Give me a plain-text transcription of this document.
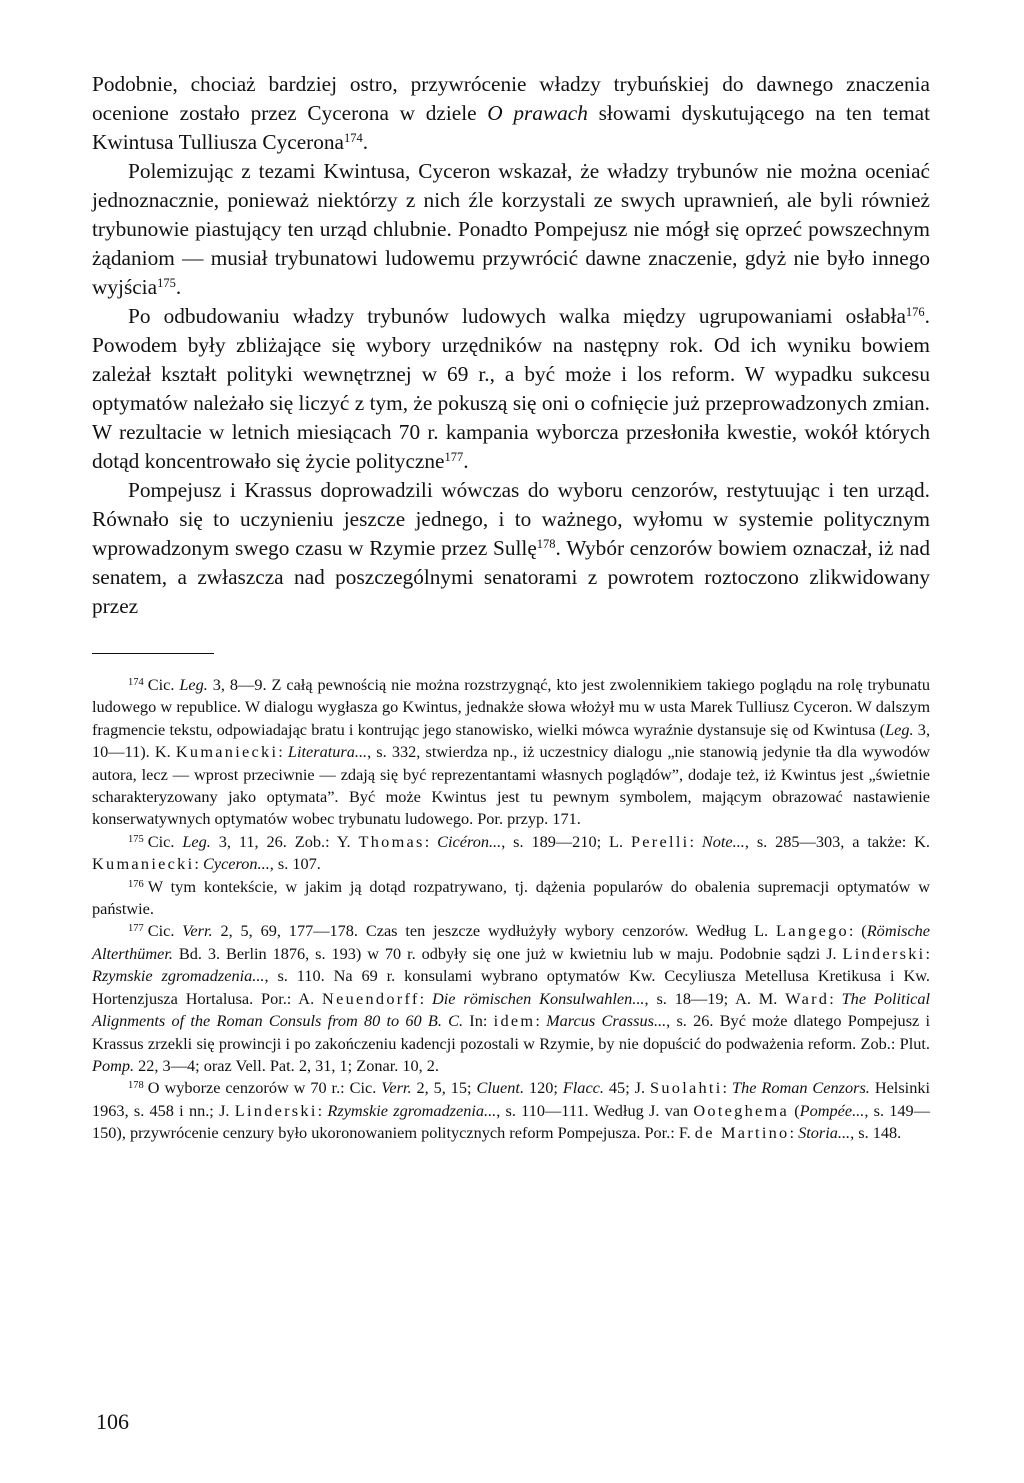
Podobnie, chociaż bardziej ostro, przywrócenie władzy trybuńskiej do dawnego znaczenia ocenione zostało przez Cycerona w dziele O prawach słowami dyskutującego na ten temat Kwintusa Tulliusza Cycerona$^{174}$.

Polemizując z tezami Kwintusa, Cyceron wskazał, że władzy trybunów nie można oceniać jednoznacznie, ponieważ niektórzy z nich źle korzystali ze swych uprawnień, ale byli również trybunowie piastujący ten urząd chlubnie. Ponadto Pompejusz nie mógł się oprzeć powszechnym żądaniom — musiał trybunatowi ludowemu przywrócić dawne znaczenie, gdyż nie było innego wyjścia$^{175}$.

Po odbudowaniu władzy trybunów ludowych walka między ugrupowaniami osłabła$^{176}$. Powodem były zbliżające się wybory urzędników na następny rok. Od ich wyniku bowiem zależał kształt polityki wewnętrznej w 69 r., a być może i los reform. W wypadku sukcesu optymatów należało się liczyć z tym, że pokuszą się oni o cofnięcie już przeprowadzonych zmian. W rezultacie w letnich miesiącach 70 r. kampania wyborcza przesłoniła kwestie, wokół których dotąd koncentrowało się życie polityczne$^{177}$.

Pompejusz i Krassus doprowadzili wówczas do wyboru cenzorów, restytuując i ten urząd. Równało się to uczynieniu jeszcze jednego, i to ważnego, wyłomu w systemie politycznym wprowadzonym swego czasu w Rzymie przez Sullę$^{178}$. Wybór cenzorów bowiem oznaczał, iż nad senatem, a zwłaszcza nad poszczególnymi senatorami z powrotem roztoczono zlikwidowany przez

$^{174}$ Cic. Leg. 3, 8—9. Z całą pewnością nie można rozstrzygnąć, kto jest zwolennikiem takiego poglądu na rolę trybunatu ludowego w republice. W dialogu wygłasza go Kwintus, jednakże słowa włożył mu w usta Marek Tulliusz Cyceron. W dalszym fragmencie tekstu, odpowiadając bratu i kontrując jego stanowisko, wielki mówca wyraźnie dystansuje się od Kwintusa (Leg. 3, 10—11). K. Kumaniecki: Literatura..., s. 332, stwierdza np., iż uczestnicy dialogu „nie stanowią jedynie tła dla wywodów autora, lecz — wprost przeciwnie — zdają się być reprezentantami własnych poglądów”, dodaje też, iż Kwintus jest „świetnie scharakteryzowany jako optymata”. Być może Kwintus jest tu pewnym symbolem, mającym obrazować nastawienie konserwatywnych optymatów wobec trybunatu ludowego. Por. przyp. 171.

$^{175}$ Cic. Leg. 3, 11, 26. Zob.: Y. Thomas: Cicéron..., s. 189—210; L. Perelli: Note..., s. 285—303, a także: K. Kumaniecki: Cyceron..., s. 107.

$^{176}$ W tym kontekście, w jakim ją dotąd rozpatrywano, tj. dążenia popularów do obalenia supremacji optymatów w państwie.

$^{177}$ Cic. Verr. 2, 5, 69, 177—178. Czas ten jeszcze wydłużyły wybory cenzorów. Według L. Langego: (Römische Alterthümer. Bd. 3. Berlin 1876, s. 193) w 70 r. odbyły się one już w kwietniu lub w maju. Podobnie sądzi J. Linderski: Rzymskie zgromadzenia..., s. 110. Na 69 r. konsulami wybrano optymatów Kw. Cecyliusza Metellusa Kretikusa i Kw. Hortenzjusza Hortalusa. Por.: A. Neuendorff: Die römischen Konsulwahlen..., s. 18—19; A. M. Ward: The Political Alignments of the Roman Consuls from 80 to 60 B. C. In: idem: Marcus Crassus..., s. 26. Być może dlatego Pompejusz i Krassus zrzekli się prowincji i po zakończeniu kadencji pozostali w Rzymie, by nie dopuścić do podważenia reform. Zob.: Plut. Pomp. 22, 3—4; oraz Vell. Pat. 2, 31, 1; Zonar. 10, 2.

$^{178}$ O wyborze cenzorów w 70 r.: Cic. Verr. 2, 5, 15; Cluent. 120; Flacc. 45; J. Suolahti: The Roman Cenzors. Helsinki 1963, s. 458 i nn.; J. Linderski: Rzymskie zgromadzenia..., s. 110—111. Według J. van Ooteghema (Pompée..., s. 149—150), przywrócenie cenzury było ukoronowaniem politycznych reform Pompejusza. Por.: F. de Martino: Storia..., s. 148.

106
